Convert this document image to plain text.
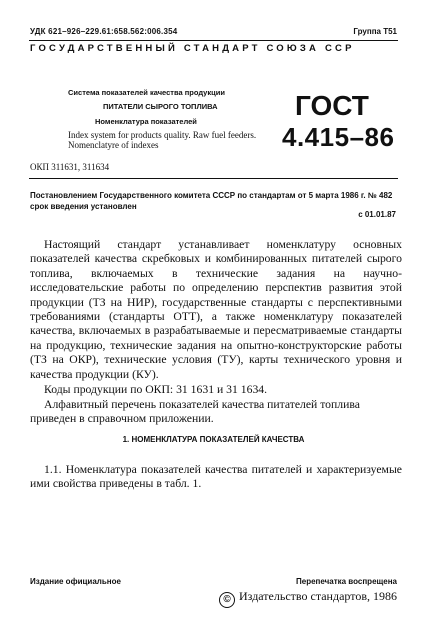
УДК 621–926–229.61:658.562:006.354	Группа Т51
ГОСУДАРСТВЕННЫЙ СТАНДАРТ СОЮЗА ССР
Система показателей качества продукции
ПИТАТЕЛИ СЫРОГО ТОПЛИВА
Номенклатура показателей
Index system for products quality. Raw fuel feeders. Nomenclatyre of indexes
ГОСТ
4.415–86
ОКП 311631, 311634
Постановлением Государственного комитета СССР по стандартам от 5 марта 1986 г. № 482 срок введения установлен
с 01.01.87

Настоящий стандарт устанавливает номенклатуру основных показателей качества скребковых и комбинированных питателей сырого топлива, включаемых в технические задания на научно-исследовательские работы по определению перспектив развития этой продукции (ТЗ на НИР), государственные стандарты с перспективными требованиями (стандарты ОТТ), а также номенклатуру показателей качества, включаемых в разрабатываемые и пересматриваемые стандарты на продукцию, технические задания на опытно-конструкторские работы (ТЗ на ОКР), технические условия (ТУ), карты технического уровня и качества продукции (КУ).

Коды продукции по ОКП: 31 1631 и 31 1634.

Алфавитный перечень показателей качества питателей топлива приведен в справочном приложении.

1. НОМЕНКЛАТУРА ПОКАЗАТЕЛЕЙ КАЧЕСТВА

1.1. Номенклатура показателей качества питателей и характеризуемые ими свойства приведены в табл. 1.

Издание официальное	Перепечатка воспрещена
© Издательство стандартов, 1986
